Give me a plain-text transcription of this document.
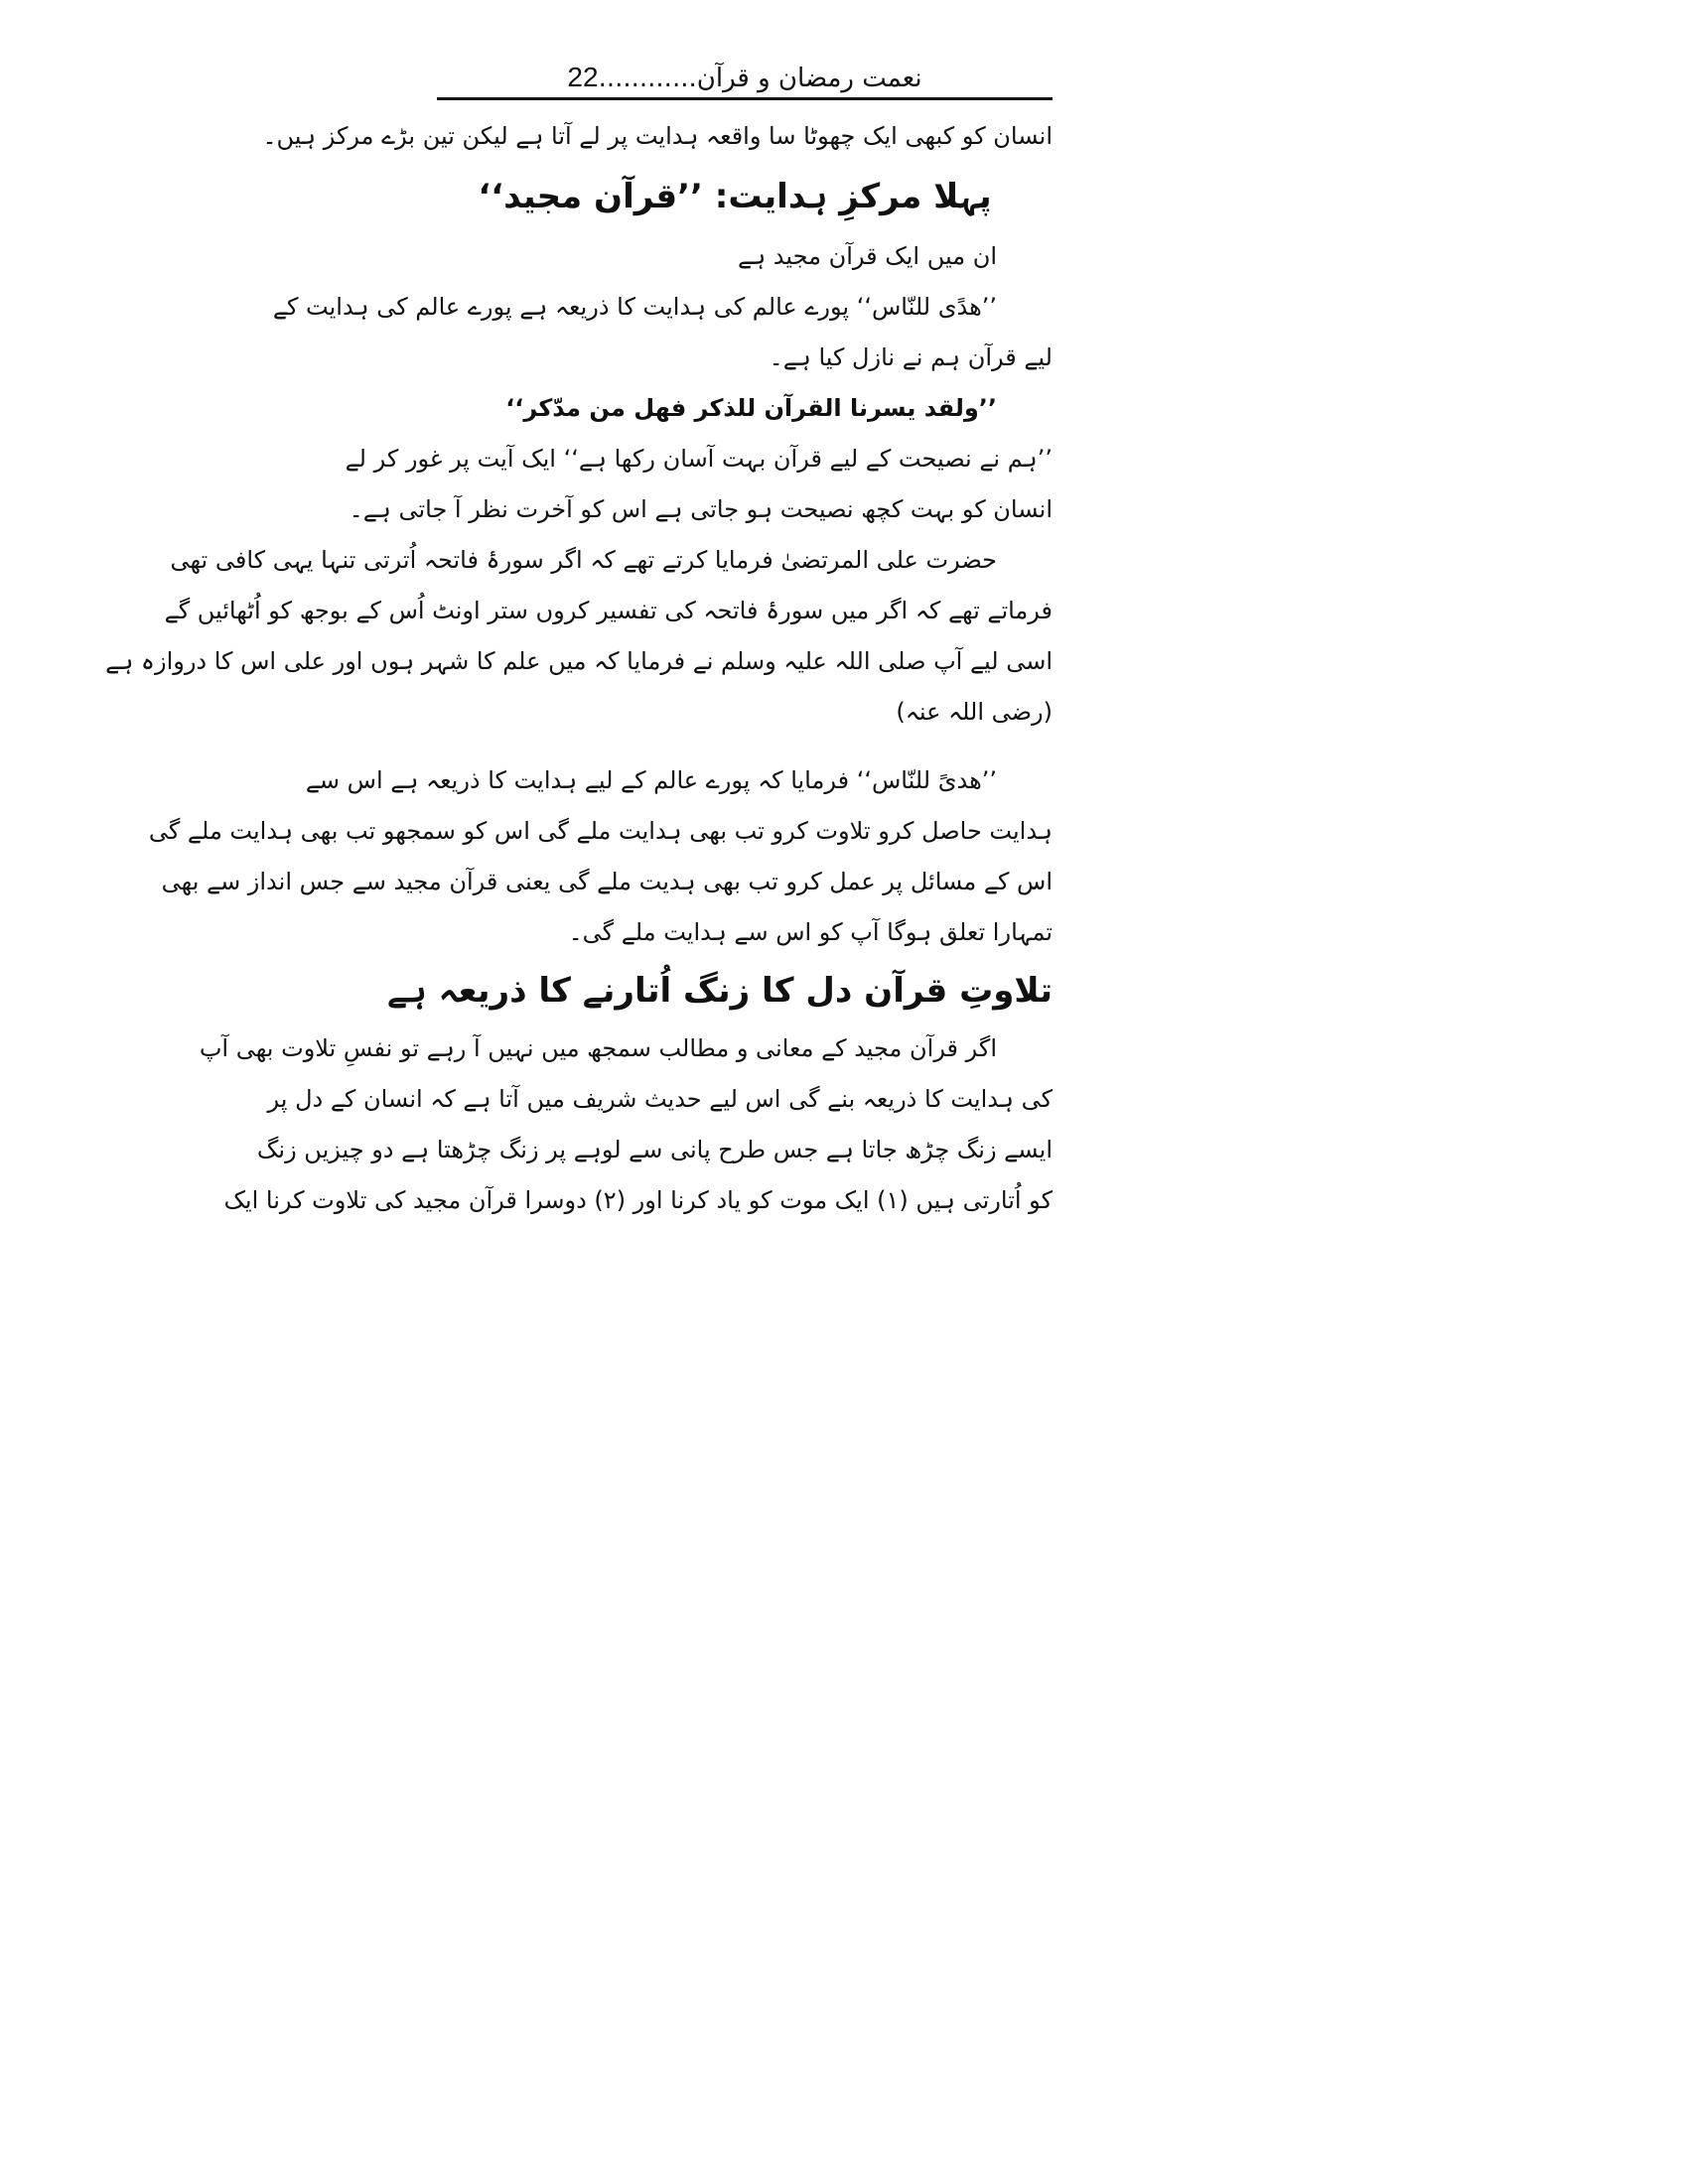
نعمت رمضان و قرآن............22
انسان کو کبھی ایک چھوٹا سا واقعہ ہدایت پر لے آتا ہے لیکن تین بڑے مرکز ہیں۔
پہلا مرکزِ ہدایت: ’’قرآن مجید‘‘
ان میں ایک قرآن مجید ہے
’’ھدًی للنّاس‘‘ پورے عالم کی ہدایت کا ذریعہ ہے پورے عالم کی ہدایت کے
لیے قرآن ہم نے نازل کیا ہے۔
’’ولقد یسرنا القرآن للذکر فھل من مدّکر‘‘
’’ہم نے نصیحت کے لیے قرآن بہت آسان رکھا ہے‘‘ ایک آیت پر غور کر لے
انسان کو بہت کچھ نصیحت ہو جاتی ہے اس کو آخرت نظر آ جاتی ہے۔
حضرت علی المرتضیٰ فرمایا کرتے تھے کہ اگر سورۂ فاتحہ اُترتی تنہا یہی کافی تھی
فرماتے تھے کہ اگر میں سورۂ فاتحہ کی تفسیر کروں ستر اونٹ اُس کے بوجھ کو اُٹھائیں گے
اسی لیے آپ صلی اللہ علیہ وسلم نے فرمایا کہ میں علم کا شہر ہوں اور علی اس کا دروازہ ہے
(رضی اللہ عنہ)
’’ھدیً للنّاس‘‘ فرمایا کہ پورے عالم کے لیے ہدایت کا ذریعہ ہے اس سے
ہدایت حاصل کرو تلاوت کرو تب بھی ہدایت ملے گی اس کو سمجھو تب بھی ہدایت ملے گی
اس کے مسائل پر عمل کرو تب بھی ہدیت ملے گی یعنی قرآن مجید سے جس انداز سے بھی
تمہارا تعلق ہوگا آپ کو اس سے ہدایت ملے گی۔
تلاوتِ قرآن دل کا زنگ اُتارنے کا ذریعہ ہے
اگر قرآن مجید کے معانی و مطالب سمجھ میں نہیں آ رہے تو نفسِ تلاوت بھی آپ
کی ہدایت کا ذریعہ بنے گی اس لیے حدیث شریف میں آتا ہے کہ انسان کے دل پر
ایسے زنگ چڑھ جاتا ہے جس طرح پانی سے لوہے پر زنگ چڑھتا ہے دو چیزیں زنگ
کو اُتارتی ہیں (۱) ایک موت کو یاد کرنا اور (۲) دوسرا قرآن مجید کی تلاوت کرنا ایک
